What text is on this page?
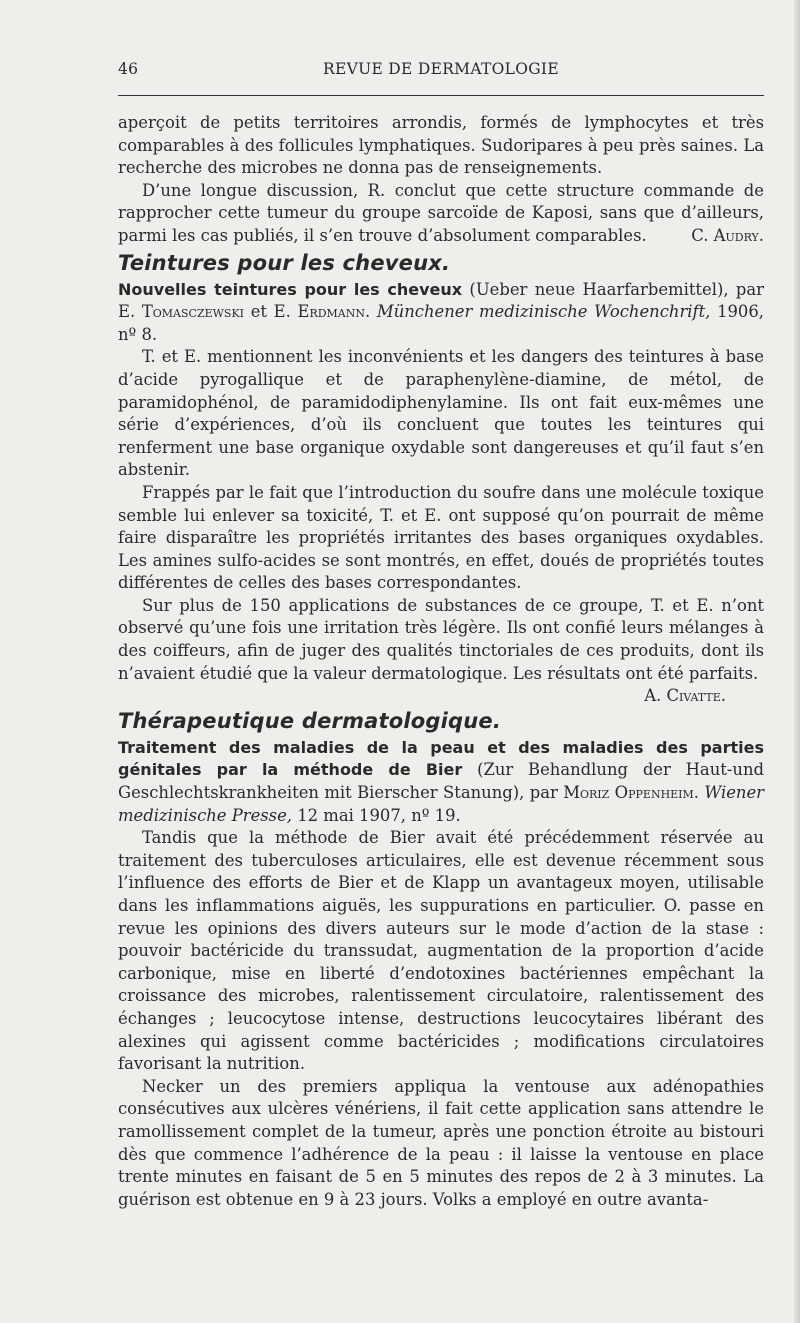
46	REVUE DE DERMATOLOGIE

aperçoit de petits territoires arrondis, formés de lymphocytes et très comparables à des follicules lymphatiques. Sudoripares à peu près saines. La recherche des microbes ne donna pas de renseignements.

D’une longue discussion, R. conclut que cette structure commande de rapprocher cette tumeur du groupe sarcoïde de Kaposi, sans que d’ailleurs, parmi les cas publiés, il s’en trouve d’absolument comparables.	C. Audry.

Teintures pour les cheveux.

Nouvelles teintures pour les cheveux (Ueber neue Haarfarbemittel), par E. Tomasczewski et E. Erdmann. Münchener medizinische Wochenchrift, 1906, nº 8.

T. et E. mentionnent les inconvénients et les dangers des teintures à base d’acide pyrogallique et de paraphenylène-diamine, de métol, de paramidophénol, de paramidodiphenylamine. Ils ont fait eux-mêmes une série d’expériences, d’où ils concluent que toutes les teintures qui renferment une base organique oxydable sont dangereuses et qu’il faut s’en abstenir.

Frappés par le fait que l’introduction du soufre dans une molécule toxique semble lui enlever sa toxicité, T. et E. ont supposé qu’on pourrait de même faire disparaître les propriétés irritantes des bases organiques oxydables. Les amines sulfo-acides se sont montrés, en effet, doués de propriétés toutes différentes de celles des bases correspondantes.

Sur plus de 150 applications de substances de ce groupe, T. et E. n’ont observé qu’une fois une irritation très légère. Ils ont confié leurs mélanges à des coiffeurs, afin de juger des qualités tinctoriales de ces produits, dont ils n’avaient étudié que la valeur dermatologique. Les résultats ont été parfaits.
A. Civatte.

Thérapeutique dermatologique.

Traitement des maladies de la peau et des maladies des parties génitales par la méthode de Bier (Zur Behandlung der Haut-und Geschlechtskrankheiten mit Bierscher Stanung), par Moriz Oppenheim. Wiener medizinische Presse, 12 mai 1907, nº 19.

Tandis que la méthode de Bier avait été précédemment réservée au traitement des tuberculoses articulaires, elle est devenue récemment sous l’influence des efforts de Bier et de Klapp un avantageux moyen, utilisable dans les inflammations aiguës, les suppurations en particulier. O. passe en revue les opinions des divers auteurs sur le mode d’action de la stase : pouvoir bactéricide du transsudat, augmentation de la proportion d’acide carbonique, mise en liberté d’endotoxines bactériennes empêchant la croissance des microbes, ralentissement circulatoire, ralentissement des échanges ; leucocytose intense, destructions leucocytaires libérant des alexines qui agissent comme bactéricides ; modifications circulatoires favorisant la nutrition.

Necker un des premiers appliqua la ventouse aux adénopathies consécutives aux ulcères vénériens, il fait cette application sans attendre le ramollissement complet de la tumeur, après une ponction étroite au bistouri dès que commence l’adhérence de la peau : il laisse la ventouse en place trente minutes en faisant de 5 en 5 minutes des repos de 2 à 3 minutes. La guérison est obtenue en 9 à 23 jours. Volks a employé en outre avanta-
